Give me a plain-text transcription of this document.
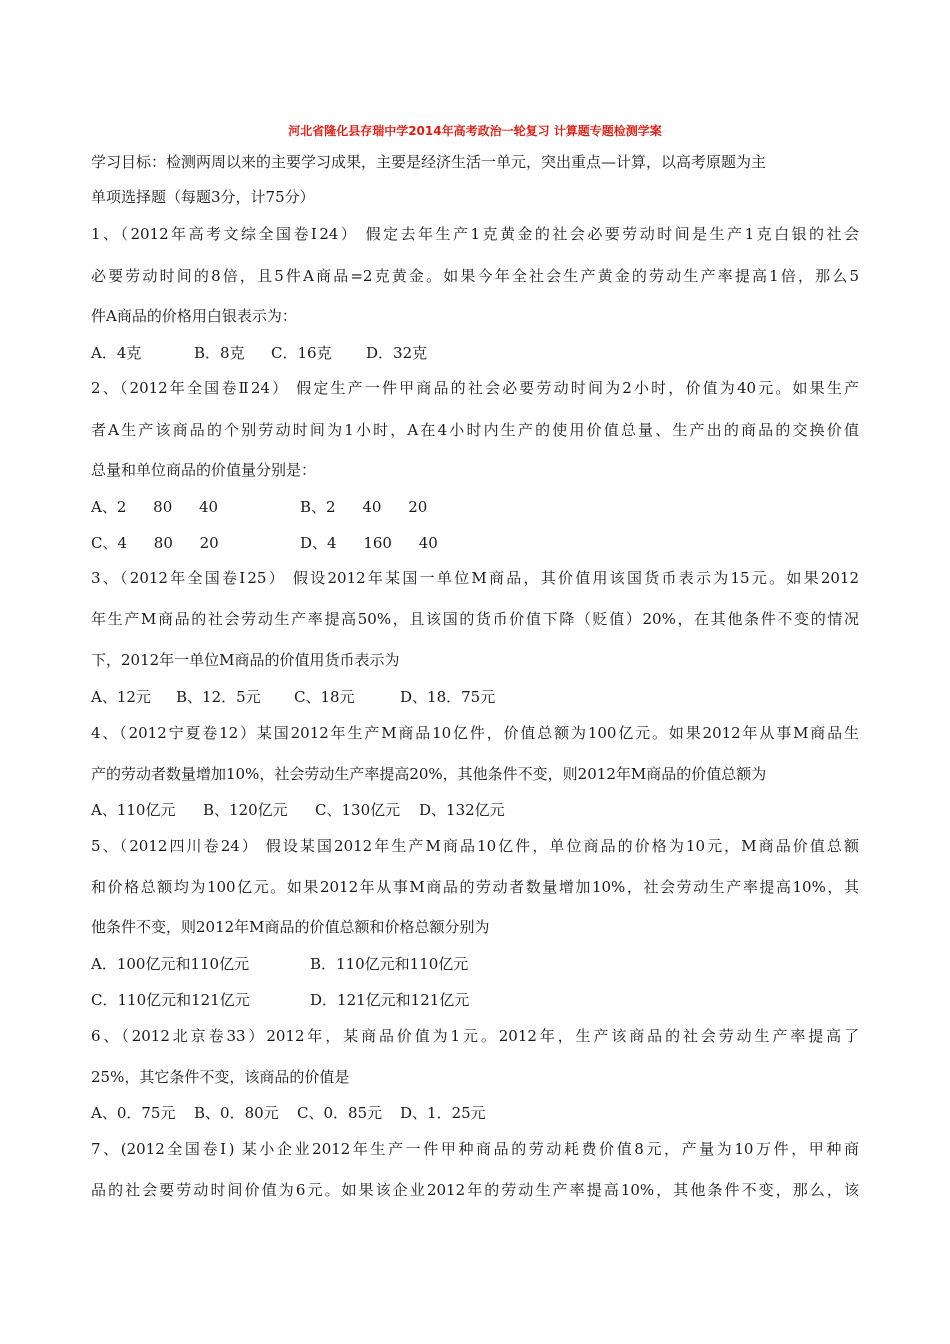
河北省隆化县存瑞中学2014年高考政治一轮复习 计算题专题检测学案
学习目标：检测两周以来的主要学习成果，主要是经济生活一单元，突出重点—计算，以高考原题为主
单项选择题（每题3分，计75分）
1、（2012年高考文综全国卷Ⅰ24） 假定去年生产1克黄金的社会必要劳动时间是生产1克白银的社会
必要劳动时间的8倍，且5件A商品=2克黄金。如果今年全社会生产黄金的劳动生产率提高1倍，那么5
件A商品的价格用白银表示为：
A．4克	B．8克 C．16克 D．32克
2、（2012年全国卷Ⅱ24） 假定生产一件甲商品的社会必要劳动时间为2小时，价值为40元。如果生产
者A生产该商品的个别劳动时间为1小时，A在4小时内生产的使用价值总量、生产出的商品的交换价值
总量和单位商品的价值量分别是：
A、2 80 40	B、2 40 20
C、4 80 20	D、4 160 40
3、（2012年全国卷Ⅰ25） 假设2012年某国一单位M商品，其价值用该国货币表示为15元。如果2012
年生产M商品的社会劳动生产率提高50%，且该国的货币价值下降（贬值）20%，在其他条件不变的情况
下，2012年一单位M商品的价值用货币表示为
A、12元 B、12．5元 C、18元	D、18．75元
4、（2012宁夏卷12）某国2012年生产M商品10亿件，价值总额为100亿元。如果2012年从事M商品生
产的劳动者数量增加10%，社会劳动生产率提高20%，其他条件不变，则2012年M商品的价值总额为
A、110亿元 B、120亿元 C、130亿元 D、132亿元
5、（2012四川卷24） 假设某国2012年生产M商品10亿件，单位商品的价格为10元，M商品价值总额
和价格总额均为100亿元。如果2012年从事M商品的劳动者数量增加10%，社会劳动生产率提高10%，其
他条件不变，则2012年M商品的价值总额和价格总额分别为
A．100亿元和110亿元	B．110亿元和110亿元
C．110亿元和121亿元	D．121亿元和121亿元
6、（2012北京卷33）2012年，某商品价值为1元。2012年，生产该商品的社会劳动生产率提高了
25%，其它条件不变，该商品的价值是
A、0．75元 B、0．80元 C、0．85元 D、1．25元
7、(2012全国卷Ⅰ) 某小企业2012年生产一件甲种商品的劳动耗费价值8元，产量为10万件，甲种商
品的社会要劳动时间价值为6元。如果该企业2012年的劳动生产率提高10%，其他条件不变，那么，该
